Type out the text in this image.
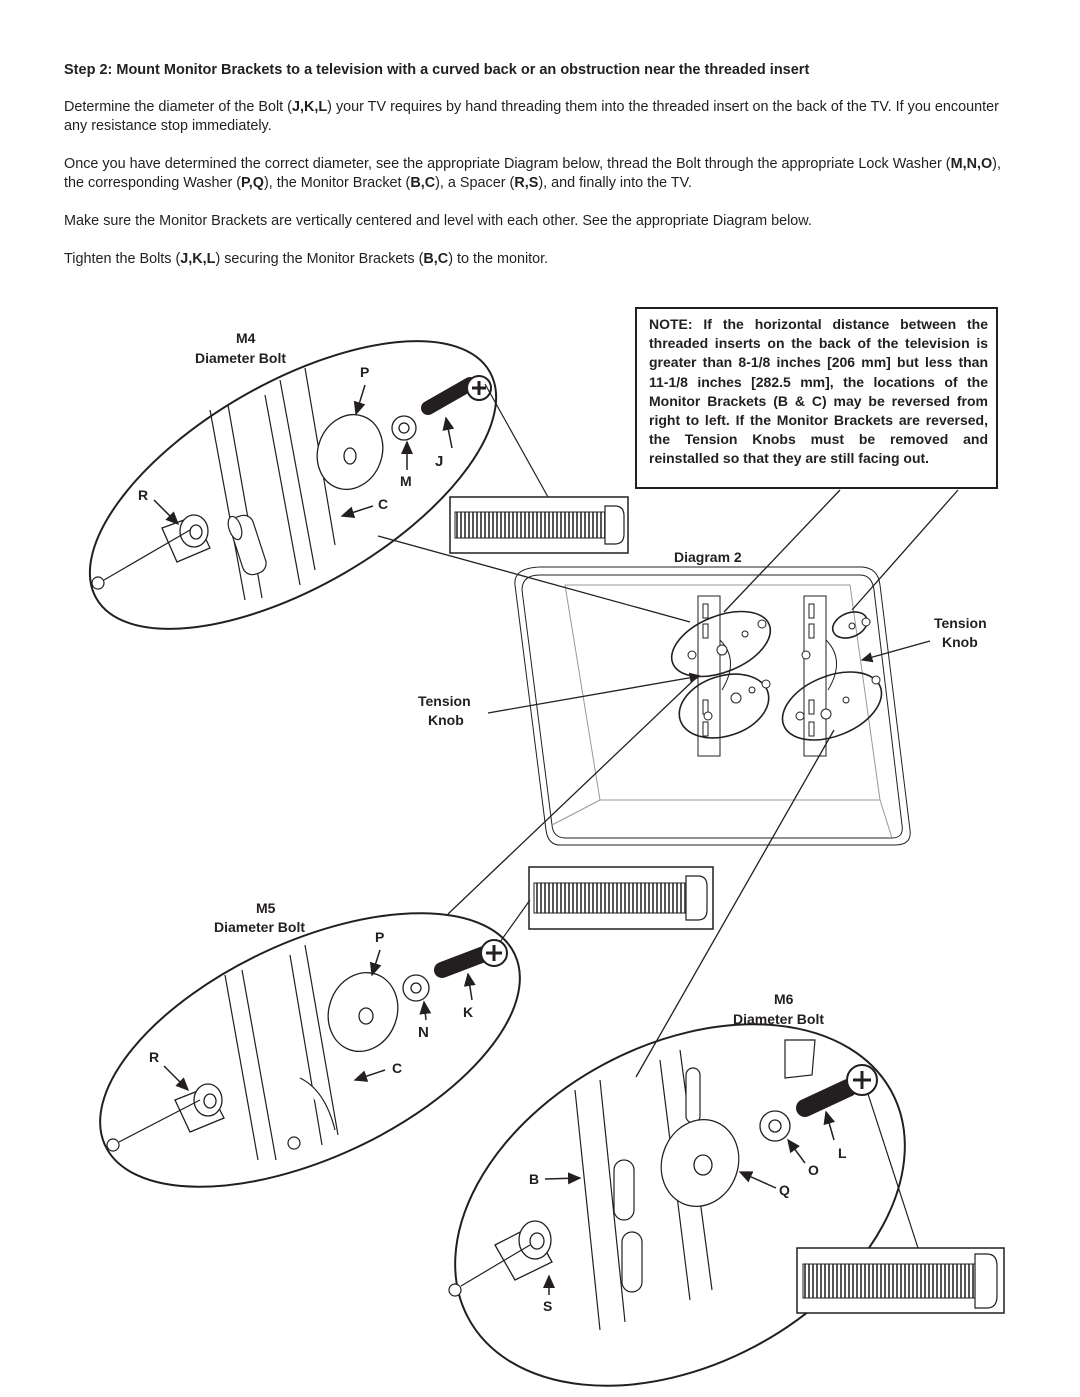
Step 2: Mount Monitor Brackets to a television with a curved back or an obstruction near the threaded insert
Determine the diameter of the Bolt (J,K,L) your TV requires by hand threading them into the threaded insert on the back of the TV. If you encounter any resistance stop immediately.
Once you have determined the correct diameter, see the appropriate Diagram below, thread the Bolt through the appropriate Lock Washer (M,N,O), the corresponding Washer (P,Q), the Monitor Bracket (B,C), a Spacer (R,S), and finally into the TV.
Make sure the Monitor Brackets are vertically centered and level with each other. See the appropriate Diagram below.
Tighten the Bolts (J,K,L) securing the Monitor Brackets (B,C) to the monitor.
NOTE: If the horizontal distance between the threaded inserts on the back of the television is greater than 8-1/8 inches [206 mm] but less than 11-1/8 inches [282.5 mm], the locations of the Monitor Brackets (B & C) may be reversed from right to left. If the Monitor Brackets are reversed, the Tension Knobs must be removed and reinstalled so that they are still facing out.
M4
Diameter Bolt
P
M
J
C
R
M5
Diameter Bolt
P
N
K
C
R
M6
Diameter Bolt
Q
O
L
B
S
Diagram 2
Tension
Knob
Tension
Knob
